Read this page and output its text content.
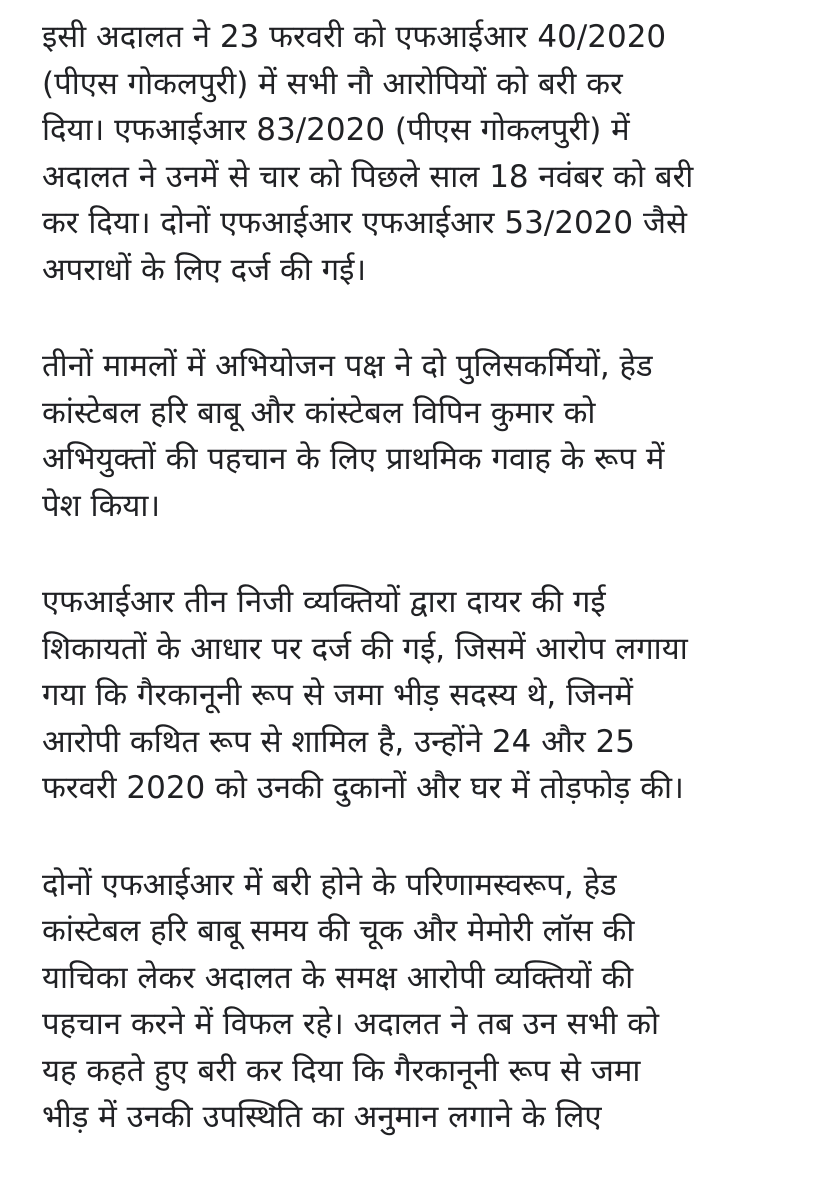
इसी अदालत ने 23 फरवरी को एफआईआर 40/2020
(पीएस गोकलपुरी) में सभी नौ आरोपियों को बरी कर
दिया। एफआईआर 83/2020 (पीएस गोकलपुरी) में
अदालत ने उनमें से चार को पिछले साल 18 नवंबर को बरी
कर दिया। दोनों एफआईआर एफआईआर 53/2020 जैसे
अपराधों के लिए दर्ज की गई।

तीनों मामलों में अभियोजन पक्ष ने दो पुलिसकर्मियों, हेड
कांस्टेबल हरि बाबू और कांस्टेबल विपिन कुमार को
अभियुक्तों की पहचान के लिए प्राथमिक गवाह के रूप में
पेश किया।

एफआईआर तीन निजी व्यक्तियों द्वारा दायर की गई
शिकायतों के आधार पर दर्ज की गई, जिसमें आरोप लगाया
गया कि गैरकानूनी रूप से जमा भीड़ सदस्य थे, जिनमें
आरोपी कथित रूप से शामिल है, उन्होंने 24 और 25
फरवरी 2020 को उनकी दुकानों और घर में तोड़फोड़ की।

दोनों एफआईआर में बरी होने के परिणामस्वरूप, हेड
कांस्टेबल हरि बाबू समय की चूक और मेमोरी लॉस की
याचिका लेकर अदालत के समक्ष आरोपी व्यक्तियों की
पहचान करने में विफल रहे। अदालत ने तब उन सभी को
यह कहते हुए बरी कर दिया कि गैरकानूनी रूप से जमा
भीड़ में उनकी उपस्थिति का अनुमान लगाने के लिए
